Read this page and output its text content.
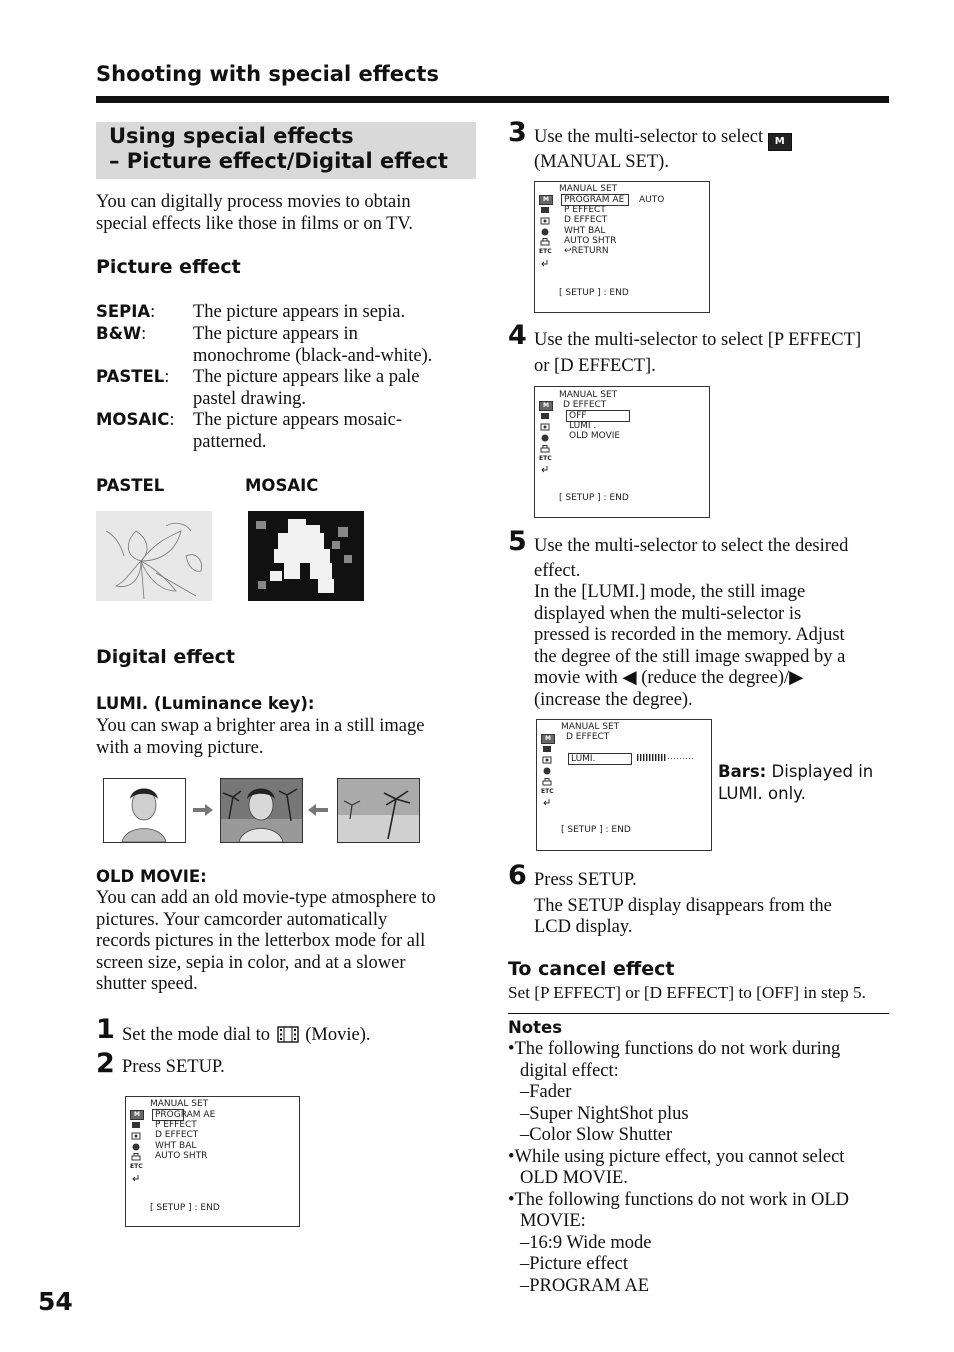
Shooting with special effects
Using special effects
– Picture effect/Digital effect

You can digitally process movies to obtain

special effects like those in films or on TV.

Picture effect
SEPIA: The picture appears in sepia.
B&W:	The picture appears in
monochrome (black-and-white).
PASTEL: The picture appears like a pale
pastel drawing.
MOSAIC: The picture appears mosaic-
patterned.
PASTEL	MOSAIC
Digital effect
LUMI. (Luminance key):

You can swap a brighter area in a still image

with a moving picture.

OLD MOVIE:

You can add an old movie-type atmosphere to

pictures. Your camcorder automatically

records pictures in the letterbox mode for all

screen size, sepia in color, and at a slower

shutter speed.

1 Set the mode dial to (Movie).
2 Press SETUP.
MANUAL SET
M
ETC
PROGRAM AE
P EFFECT
D EFFECT
WHT BAL
AUTO SHTR
[ SETUP ] : END
54
3 Use the multi-selector to select M
(MANUAL SET).
MANUAL SET
M
ETC
PROGRAM AE	AUTO
P EFFECT
D EFFECT
WHT BAL
AUTO SHTR
↩RETURN
[ SETUP ] : END
4 Use the multi-selector to select [P EFFECT]
or [D EFFECT].
MANUAL SET
D EFFECT
M
ETC
OFF
LUMI .
OLD MOVIE
[ SETUP ] : END
5 Use the multi-selector to select the desired
effect.
In the [LUMI.] mode, the still image
displayed when the multi-selector is
pressed is recorded in the memory. Adjust
the degree of the still image swapped by a
movie with ◀ (reduce the degree)/▶
(increase the degree).
MANUAL SET
D EFFECT
M
ETC
LUMI.
[ SETUP ] : END
Bars: Displayed in
LUMI. only.
6 Press SETUP.
The SETUP display disappears from the
LCD display.
To cancel effect
Set [P EFFECT] or [D EFFECT] to [OFF] in step 5.
Notes
•The following functions do not work during
digital effect:
–Fader
–Super NightShot plus
–Color Slow Shutter
•While using picture effect, you cannot select
OLD MOVIE.
•The following functions do not work in OLD
MOVIE:
–16:9 Wide mode
–Picture effect
–PROGRAM AE
